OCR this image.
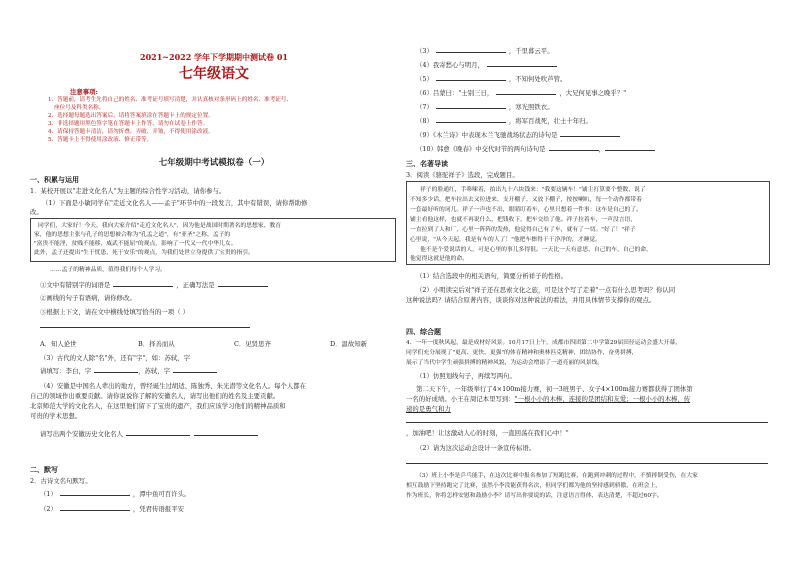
2021~2022 学年下学期期中测试卷 01
七年级语文
注意事项:
1．答题前，请考生先将自己的姓名、准考证号填写清楚，并认真核对条形码上的姓名、准考证号、
座位号及科类名称。
2．选择题每题选出答案后，请将答案填涂在答题卡上的规定位置。
3．非选择题用黑色签字笔在答题卡上作答，请勿在试卷上作答。
4．请保持答题卡清洁，请勿折叠、弄破、弄皱，不得使用涂改液。
5．答题卡上不得使用涂改液、修正带等。
七年级期中考试模拟卷（一）
一、积累与运用
1．某校开展以"走进文化名人"为主题的综合性学习活动，请你参与。
（1）下面是小敏同学在"走近文化名人——孟子"环节中的一段发言，其中有错误，请你帮助修
改。
同学们，大家好！今天，我向大家介绍"走近文化名人"，因为他是战国时期著名的思想家、教育
家，他的思想主张与孔子的思想被合称为"孔孟之道"，有"亚圣"之称，孟子的
"富贵不能淫，贫贱不能移，威武不能屈"的观点，影响了一代又一代中华儿女。
此外，孟子还提出"生于忧患，死于安乐"的观点，为我们处世立身提供了宝贵的指引。
……孟子的精神品质，值得我们每个人学习。
①文中有错别字的词语是	，正确写法是
②画线的句子有语病，请你修改。
③根据上下文，请在文中横线处填写恰当的一项（ ）
A．知人论世	B．择善而从	C．见贤思齐	D．温故知新
（3）古代的文人除"名"外，还有"字"，如：苏轼，字
请填写：李白，字	，苏轼，字
（4）安徽是中国名人辈出的地方，曾经诞生过胡适、陈独秀、朱光潜等文化名人。每个人都在
自己的领域作出重要贡献。请你说说你了解的安徽名人，请写出他们的姓名及主要贡献。
北京师范大学的文化名人，在这里他们留下了宝贵的遗产，我们应该学习他们的精神品质和
可贵的学术思想。
请写出两个安徽历史文化名人
二、默写
2．古诗文名句默写。
（1）	，潭中鱼可百许头。
（2）	，凭君传语报平安
（3）	，千里暮云平。
（4）我寄愁心与明月，
（5）	，不知何处吹芦管。
（6）吕蒙曰："士别三日，	，大兄何见事之晚乎？"
（7）	，寒光照铁衣。
（8）	，将军百战死，壮士十年归。
（9）《木兰诗》中表现木兰飞驰战场状态的诗句是
（10）韩愈《晚春》中交代时节的两句诗句是	，
三、名著导读
3．阅读《骆驼祥子》选段，完成题目。
祥子的脸通红，手哆嗦着，拍出九十六块钱来："我要这辆车！"铺主打算要个整数，说了
不知多少话，把车拉出去又拉进来，支开棚子，又放下棚子，按按喇叭，每一个动作都带着
一套最好听的词儿。祥子一声也不出，眼睛盯着车，心里只想着一件事：这车是自己的了。
铺主看他这样，也就不再说什么，把钱收下，把车交给了他。祥子拉着车，一声没言语，
一直拉到了人和厂，心里一阵阵的发热，他觉得自己有了车，就有了一切。"好了！"祥子
心里说，"从今天起，我是有车的人了！"他把车擦得干干净净的，才睡觉。
他不是个爱说话的人，可是心里的事儿多得很。一天比一天有意思，自己的车，自己的命，
他觉得这就是他的命。
（1）结合选段中的相关语句，简要分析祥子的性格。
（2）小明读完后对"祥子还在思索文化之旅，可是这个写了走着"一点有什么思考吗？你认同
这种说法吗？请结合原著内容，谈谈你对这种说法的看法，并用具体情节支撑你的观点。
四、综合题
4．一年一度秋风起，最是成材好风景。10月17日上午，成都市四团第二中学第29届田径运动会盛大开幕，
同学们充分展现了"更高、更快、更强"的体育精神和奥林匹克精神，团结协作，奋勇拼搏，
展示了当代中学生顽强拼搏的精神风貌，为运动会增添了一道亮丽的风景线。
（1）仿照划线句子，再续写两句。
第二天下午，一年级举行了4×100m接力赛，初一3班男子、女子4×100m接力赛都获得了团体第
一名的好成绩。小王在周记本里写到："一根小小的木棒，连接的是团结和友爱；一根小小的木棒，传
递的是勇气和力
，加油吧！让这激动人心的时刻，一直回荡在我们心中！"
（2）请为这次运动会设计一条宣传标语。
（3）班上小李是乒乓能手，在这次比赛中报名参加了短跑比赛，在跑到冲刺的过程中，不慎摔倒受伤，在大家
相互鼓励下坚持跑完了比赛，虽然小李没能获得名次，但同学们都为他的坚持感到骄傲，在班会上，
作为班长，你将怎样安慰和鼓励小李？请写出你要说的话，注意语言得体，表达清楚，不超过60字。
